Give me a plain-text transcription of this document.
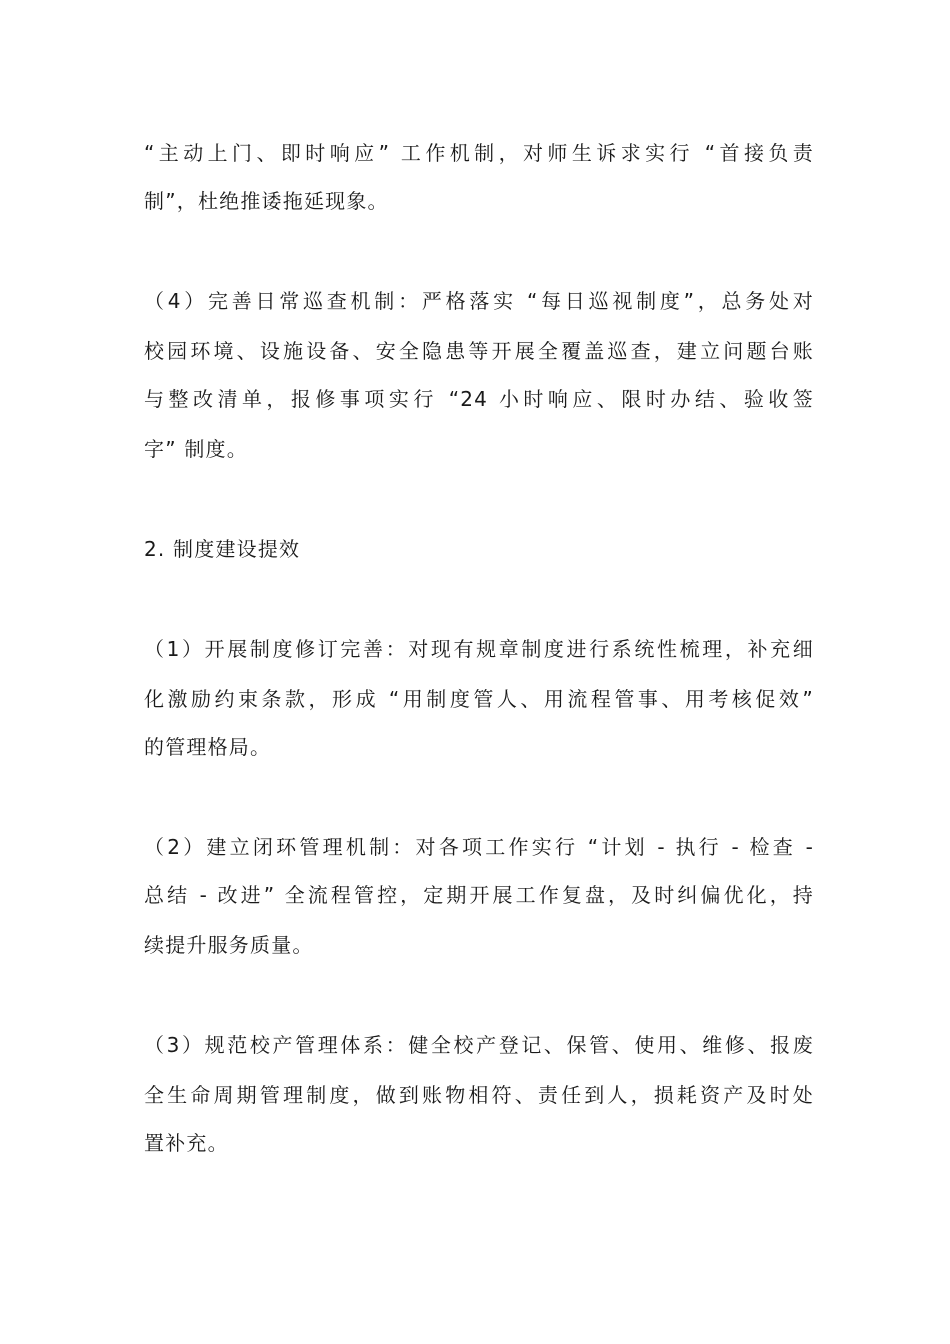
“主动上门、即时响应” 工作机制，对师生诉求实行 “首接负责
制”，杜绝推诿拖延现象。
（4）完善日常巡查机制：严格落实 “每日巡视制度”，总务处对
校园环境、设施设备、安全隐患等开展全覆盖巡查，建立问题台账
与整改清单，报修事项实行 “24 小时响应、限时办结、验收签
字” 制度。
2. 制度建设提效
（1）开展制度修订完善：对现有规章制度进行系统性梳理，补充细
化激励约束条款，形成 “用制度管人、用流程管事、用考核促效”
的管理格局。
（2）建立闭环管理机制：对各项工作实行 “计划 - 执行 - 检查 -
总结 - 改进” 全流程管控，定期开展工作复盘，及时纠偏优化，持
续提升服务质量。
（3）规范校产管理体系：健全校产登记、保管、使用、维修、报废
全生命周期管理制度，做到账物相符、责任到人，损耗资产及时处
置补充。
